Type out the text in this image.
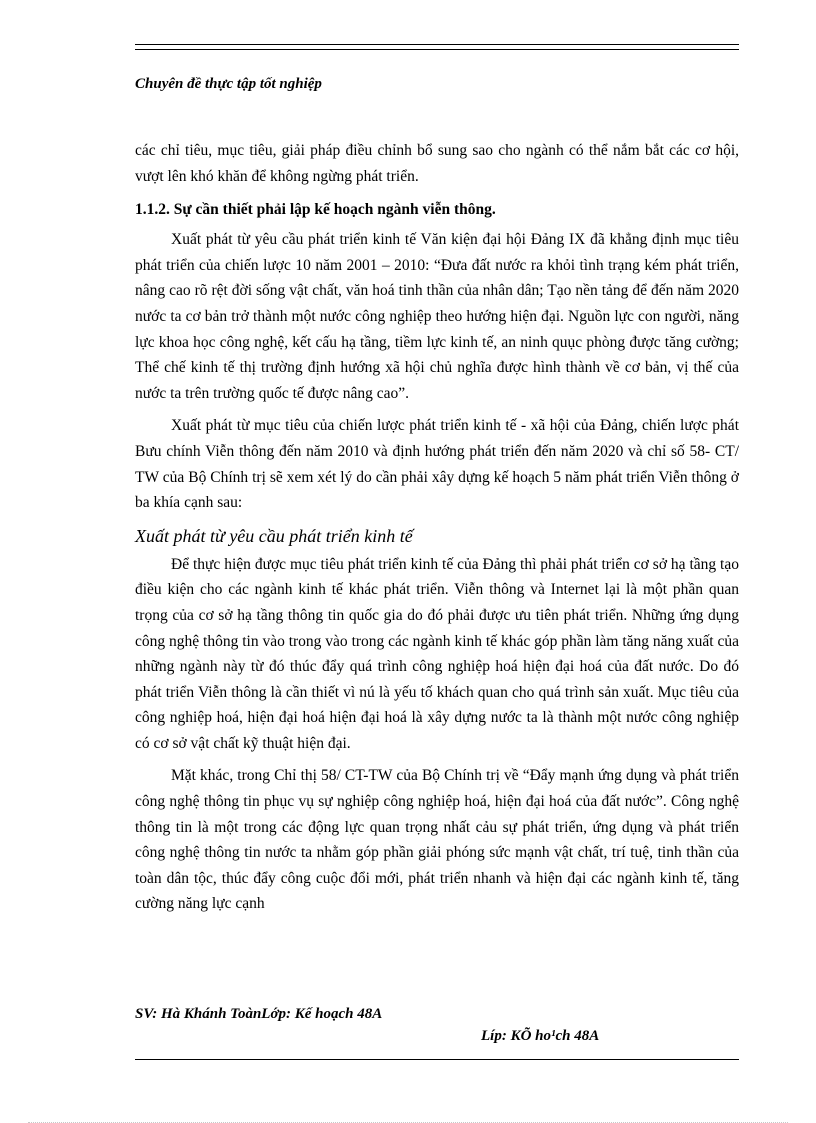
Chuyên đề thực tập tốt nghiệp

các chỉ tiêu, mục tiêu, giải pháp điều chỉnh bổ sung sao cho ngành có thể nắm bắt các cơ hội, vượt lên khó khăn để không ngừng phát triển.

1.1.2. Sự cần thiết phải lập kế hoạch ngành viễn thông.

Xuất phát từ yêu cầu phát triển kinh tế Văn kiện đại hội Đảng IX đã khẳng định mục tiêu phát triển của chiến lược 10 năm 2001 – 2010: “Đưa đất nước ra khỏi tình trạng kém phát triển, nâng cao rõ rệt đời sống vật chất, văn hoá tinh thần của nhân dân; Tạo nền tảng để đến năm 2020 nước ta cơ bản trở thành một nước công nghiệp theo hướng hiện đại. Nguồn lực con người, năng lực khoa học công nghệ, kết cấu hạ tầng, tiềm lực kinh tế, an ninh quục phòng được tăng cường; Thể chế kinh tế thị trường định hướng xã hội chủ nghĩa được hình thành về cơ bản, vị thế của nước ta trên trường quốc tế được nâng cao”.

Xuất phát từ mục tiêu của chiến lược phát triển kinh tế - xã hội của Đảng, chiến lược phát Bưu chính Viễn thông đến năm 2010 và định hướng phát triển đến năm 2020 và chỉ số 58- CT/ TW của Bộ Chính trị sẽ xem xét lý do cần phải xây dựng kế hoạch 5 năm phát triển Viễn thông ở ba khía cạnh sau:

Xuất phát từ yêu cầu phát triển kinh tế

Để thực hiện được mục tiêu phát triển kinh tế của Đảng thì phải phát triển cơ sở hạ tầng tạo điều kiện cho các ngành kinh tế khác phát triển. Viễn thông và Internet lại là một phần quan trọng của cơ sở hạ tầng thông tin quốc gia do đó phải được ưu tiên phát triển. Những ứng dụng công nghệ thông tin vào trong vào trong các ngành kinh tế khác góp phần làm tăng năng xuất của những ngành này từ đó thúc đẩy quá trình công nghiệp hoá hiện đại hoá của đất nước. Do đó phát triển Viễn thông là cần thiết vì nú là yếu tố khách quan cho quá trình sản xuất. Mục tiêu của công nghiệp hoá, hiện đại hoá hiện đại hoá là xây dựng nước ta là thành một nước công nghiệp có cơ sở vật chất kỹ thuật hiện đại.

Mặt khác, trong Chỉ thị 58/ CT-TW của Bộ Chính trị về “Đẩy mạnh ứng dụng và phát triển công nghệ thông tin phục vụ sự nghiệp công nghiệp hoá, hiện đại hoá của đất nước”. Công nghệ thông tin là một trong các động lực quan trọng nhất cảu sự phát triển, ứng dụng và phát triển công nghệ thông tin nước ta nhằm góp phần giải phóng sức mạnh vật chất, trí tuệ, tinh thần của toàn dân tộc, thúc đẩy công cuộc đổi mới, phát triển nhanh và hiện đại các ngành kinh tế, tăng cường năng lực cạnh

SV: Hà Khánh ToànLớp: Kế hoạch 48A
Líp: KÕ ho¹ch 48A
